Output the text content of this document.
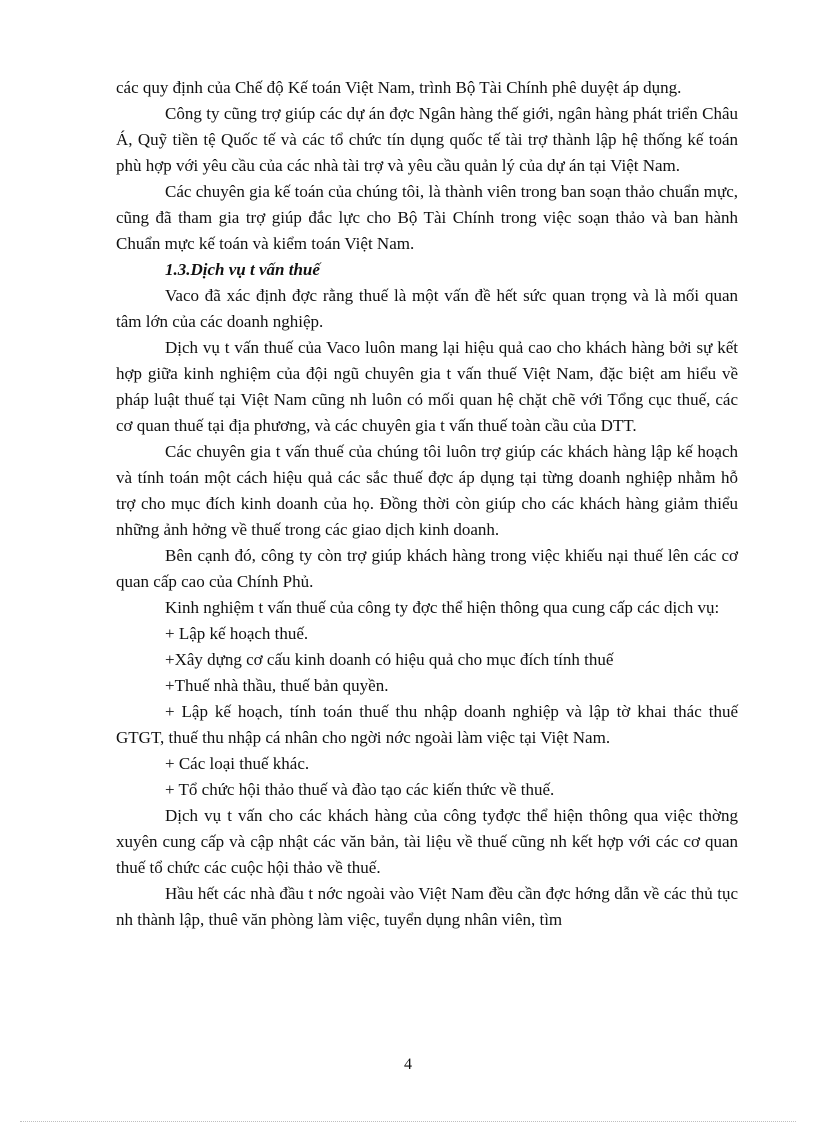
các quy định của Chế độ Kế toán Việt Nam, trình Bộ Tài Chính phê duyệt áp dụng.

Công ty cũng trợ giúp các dự án đợc Ngân hàng thế giới, ngân hàng phát triển Châu Á, Quỹ tiền tệ Quốc tế và các tổ chức tín dụng quốc tế tài trợ thành lập hệ thống kế toán phù hợp với yêu cầu của các nhà tài trợ và yêu cầu quản lý của dự án tại Việt Nam.

Các chuyên gia kế toán của chúng tôi, là thành viên trong ban soạn thảo chuẩn mực, cũng đã tham gia trợ giúp đắc lực cho Bộ Tài Chính trong việc soạn thảo và ban hành Chuẩn mực kế toán và kiểm toán Việt Nam.

1.3.Dịch vụ t vấn thuế

Vaco đã xác định đợc rằng thuế là một vấn đề hết sức quan trọng và là mối quan tâm lớn của các doanh nghiệp.

Dịch vụ t vấn thuế của Vaco luôn mang lại hiệu quả cao cho khách hàng bởi sự kết hợp giữa kinh nghiệm của đội ngũ chuyên gia t vấn thuế Việt Nam, đặc biệt am hiểu về pháp luật thuế tại Việt Nam cũng nh luôn có mối quan hệ chặt chẽ với Tổng cục thuế, các cơ quan thuế tại địa phương, và các chuyên gia t vấn thuế toàn cầu của DTT.

Các chuyên gia t vấn thuế của chúng tôi luôn trợ giúp các khách hàng lập kế hoạch và tính toán một cách hiệu quả các sắc thuế đợc áp dụng tại từng doanh nghiệp nhằm hỗ trợ cho mục đích kinh doanh của họ. Đồng thời còn giúp cho các khách hàng giảm thiểu những ảnh hởng về thuế trong các giao dịch kinh doanh.

Bên cạnh đó, công ty còn trợ giúp khách hàng trong việc khiếu nại thuế lên các cơ quan cấp cao của Chính Phủ.

Kinh nghiệm t vấn thuế của công ty đợc thể hiện thông qua cung cấp các dịch vụ:

+ Lập kế hoạch thuế.

+Xây dựng cơ cấu kinh doanh có hiệu quả cho mục đích tính thuế

+Thuế nhà thầu, thuế bản quyền.

+ Lập kế hoạch, tính toán thuế thu nhập doanh nghiệp và lập tờ khai thác thuế GTGT, thuế thu nhập cá nhân cho ngời nớc ngoài làm việc tại Việt Nam.

+ Các loại thuế khác.

+ Tổ chức hội thảo thuế và đào tạo các kiến thức về thuế.

Dịch vụ t vấn cho các khách hàng của công tyđợc thể hiện thông qua việc thờng xuyên cung cấp và cập nhật các văn bản, tài liệu về thuế cũng nh kết hợp với các cơ quan thuế tổ chức các cuộc hội thảo về thuế.

Hầu hết các nhà đầu t nớc ngoài vào Việt Nam đều cần đợc hớng dẫn về các thủ tục nh thành lập, thuê văn phòng làm việc, tuyển dụng nhân viên, tìm

4
